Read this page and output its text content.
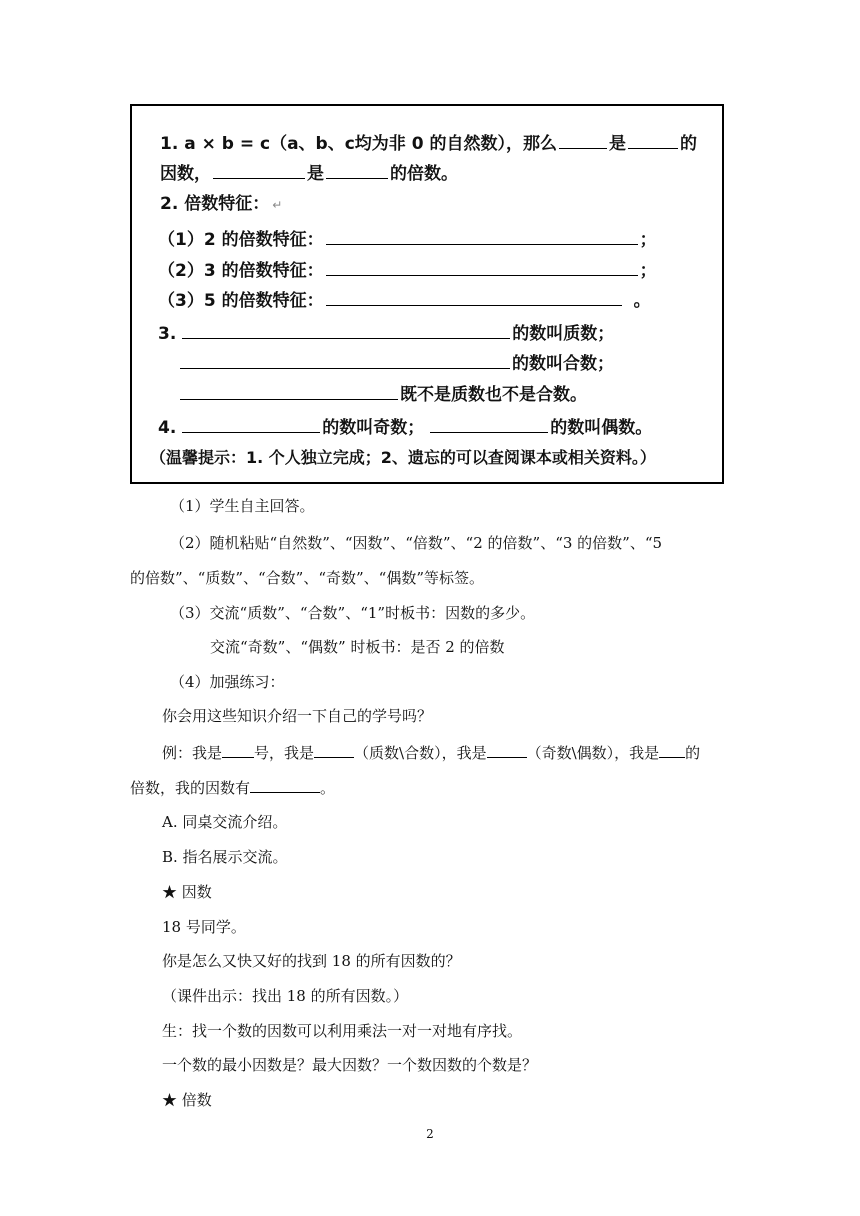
1. a × b = c（a、b、c均为非 0 的自然数），那么	是	的
因数，	是	的倍数。
2. 倍数特征： ↵
（1）2 的倍数特征：	；
（2）3 的倍数特征：	；
（3）5 的倍数特征：	。
3.	的数叫质数；
的数叫合数；
既不是质数也不是合数。
4.	的数叫奇数；	的数叫偶数。
（温馨提示：1. 个人独立完成；2、遗忘的可以查阅课本或相关资料。）
（1）学生自主回答。
（2）随机粘贴“自然数”、“因数”、“倍数”、“2 的倍数”、“3 的倍数”、“5
的倍数”、“质数”、“合数”、“奇数”、“偶数”等标签。
（3）交流“质数”、“合数”、“1”时板书：因数的多少。
交流“奇数”、“偶数” 时板书：是否 2 的倍数
（4）加强练习：
你会用这些知识介绍一下自己的学号吗？
例：我是 号，我是	（质数\合数），我是	（奇数\偶数），我是 的
倍数，我的因数有	。
A. 同桌交流介绍。
B. 指名展示交流。
★ 因数
18 号同学。
你是怎么又快又好的找到 18 的所有因数的？
（课件出示：找出 18 的所有因数。）
生：找一个数的因数可以利用乘法一对一对地有序找。
一个数的最小因数是？最大因数？一个数因数的个数是？
★ 倍数
2
